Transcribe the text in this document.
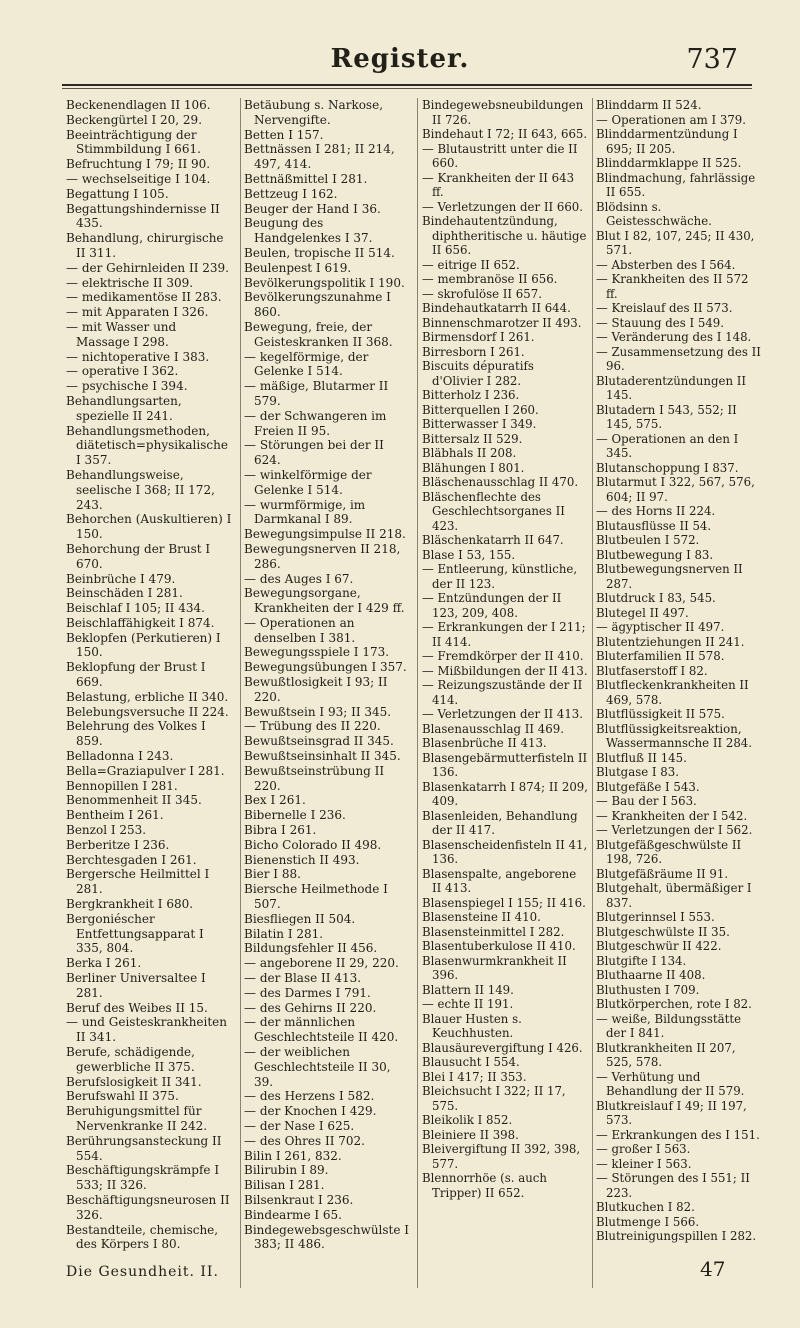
Register.	737
Beckenendlagen II 106.
Beckengürtel I 20, 29.
Beeinträchtigung der Stimmbildung I 661.
Befruchtung I 79; II 90.
— wechselseitige I 104.
Begattung I 105.
Begattungshindernisse II 435.
Behandlung, chirurgische II 311.
— der Gehirnleiden II 239.
— elektrische II 309.
— medikamentöse II 283.
— mit Apparaten I 326.
— mit Wasser und Massage I 298.
— nichtoperative I 383.
— operative I 362.
— psychische I 394.
Behandlungsarten, spezielle II 241.
Behandlungsmethoden, diätetisch=physikalische I 357.
Behandlungsweise, seelische I 368; II 172, 243.
Behorchen (Auskultieren) I 150.
Behorchung der Brust I 670.
Beinbrüche I 479.
Beinschäden I 281.
Beischlaf I 105; II 434.
Beischlaffähigkeit I 874.
Beklopfen (Perkutieren) I 150.
Beklopfung der Brust I 669.
Belastung, erbliche II 340.
Belebungsversuche II 224.
Belehrung des Volkes I 859.
Belladonna I 243.
Bella=Graziapulver I 281.
Bennopillen I 281.
Benommenheit II 345.
Bentheim I 261.
Benzol I 253.
Berberitze I 236.
Berchtesgaden I 261.
Bergersche Heilmittel I 281.
Bergkrankheit I 680.
Bergoniéscher Entfettungsapparat I 335, 804.
Berka I 261.
Berliner Universaltee I 281.
Beruf des Weibes II 15.
— und Geisteskrankheiten II 341.
Berufe, schädigende, gewerbliche II 375.
Berufslosigkeit II 341.
Berufswahl II 375.
Beruhigungsmittel für Nervenkranke II 242.
Berührungsansteckung II 554.
Beschäftigungskrämpfe I 533; II 326.
Beschäftigungsneurosen II 326.
Bestandteile, chemische, des Körpers I 80.
Betäubung s. Narkose, Nervengifte.
Betten I 157.
Bettnässen I 281; II 214, 497, 414.
Bettnäßmittel I 281.
Bettzeug I 162.
Beuger der Hand I 36.
Beugung des Handgelenkes I 37.
Beulen, tropische II 514.
Beulenpest I 619.
Bevölkerungspolitik I 190.
Bevölkerungszunahme I 860.
Bewegung, freie, der Geisteskranken II 368.
— kegelförmige, der Gelenke I 514.
— mäßige, Blutarmer II 579.
— der Schwangeren im Freien II 95.
— Störungen bei der II 624.
— winkelförmige der Gelenke I 514.
— wurmförmige, im Darmkanal I 89.
Bewegungsimpulse II 218.
Bewegungsnerven II 218, 286.
— des Auges I 67.
Bewegungsorgane, Krankheiten der I 429 ff.
— Operationen an denselben I 381.
Bewegungsspiele I 173.
Bewegungsübungen I 357.
Bewußtlosigkeit I 93; II 220.
Bewußtsein I 93; II 345.
— Trübung des II 220.
Bewußtseinsgrad II 345.
Bewußtseinsinhalt II 345.
Bewußtseinstrübung II 220.
Bex I 261.
Bibernelle I 236.
Bibra I 261.
Bicho Colorado II 498.
Bienenstich II 493.
Bier I 88.
Biersche Heilmethode I 507.
Biesfliegen II 504.
Bilatin I 281.
Bildungsfehler II 456.
— angeborene II 29, 220.
— der Blase II 413.
— des Darmes I 791.
— des Gehirns II 220.
— der männlichen Geschlechtsteile II 420.
— der weiblichen Geschlechtsteile II 30, 39.
— des Herzens I 582.
— der Knochen I 429.
— der Nase I 625.
— des Ohres II 702.
Bilin I 261, 832.
Bilirubin I 89.
Bilisan I 281.
Bilsenkraut I 236.
Bindearme I 65.
Bindegewebsgeschwülste I 383; II 486.
Bindegewebsneubildungen II 726.
Bindehaut I 72; II 643, 665.
— Blutaustritt unter die II 660.
— Krankheiten der II 643 ff.
— Verletzungen der II 660.
Bindehautentzündung, diphtheritische u. häutige II 656.
— eitrige II 652.
— membranöse II 656.
— skrofulöse II 657.
Bindehautkatarrh II 644.
Binnenschmarotzer II 493.
Birmensdorf I 261.
Birresborn I 261.
Biscuits dépuratifs d'Olivier I 282.
Bitterholz I 236.
Bitterquellen I 260.
Bitterwasser I 349.
Bittersalz II 529.
Bläbhals II 208.
Blähungen I 801.
Bläschenausschlag II 470.
Bläschenflechte des Geschlechtsorganes II 423.
Bläschenkatarrh II 647.
Blase I 53, 155.
— Entleerung, künstliche, der II 123.
— Entzündungen der II 123, 209, 408.
— Erkrankungen der I 211; II 414.
— Fremdkörper der II 410.
— Mißbildungen der II 413.
— Reizungszustände der II 414.
— Verletzungen der II 413.
Blasenausschlag II 469.
Blasenbrüche II 413.
Blasengebärmutterfisteln II 136.
Blasenkatarrh I 874; II 209, 409.
Blasenleiden, Behandlung der II 417.
Blasenscheidenfisteln II 41, 136.
Blasenspalte, angeborene II 413.
Blasenspiegel I 155; II 416.
Blasensteine II 410.
Blasensteinmittel I 282.
Blasentuberkulose II 410.
Blasenwurmkrankheit II 396.
Blattern II 149.
— echte II 191.
Blauer Husten s. Keuchhusten.
Blausäurevergiftung I 426.
Blausucht I 554.
Blei I 417; II 353.
Bleichsucht I 322; II 17, 575.
Bleikolik I 852.
Bleiniere II 398.
Bleivergiftung II 392, 398, 577.
Blennorrhöe (s. auch Tripper) II 652.
Blinddarm II 524.
— Operationen am I 379.
Blinddarmentzündung I 695; II 205.
Blinddarmklappe II 525.
Blindmachung, fahrlässige II 655.
Blödsinn s. Geistesschwäche.
Blut I 82, 107, 245; II 430, 571.
— Absterben des I 564.
— Krankheiten des II 572 ff.
— Kreislauf des II 573.
— Stauung des I 549.
— Veränderung des I 148.
— Zusammensetzung des II 96.
Blutaderentzündungen II 145.
Blutadern I 543, 552; II 145, 575.
— Operationen an den I 345.
Blutanschoppung I 837.
Blutarmut I 322, 567, 576, 604; II 97.
— des Horns II 224.
Blutausflüsse II 54.
Blutbeulen I 572.
Blutbewegung I 83.
Blutbewegungsnerven II 287.
Blutdruck I 83, 545.
Blutegel II 497.
— ägyptischer II 497.
Blutentziehungen II 241.
Bluterfamilien II 578.
Blutfaserstoff I 82.
Blutfleckenkrankheiten II 469, 578.
Blutflüssigkeit II 575.
Blutflüssigkeitsreaktion, Wassermannsche II 284.
Blutfluß II 145.
Blutgase I 83.
Blutgefäße I 543.
— Bau der I 563.
— Krankheiten der I 542.
— Verletzungen der I 562.
Blutgefäßgeschwülste II 198, 726.
Blutgefäßräume II 91.
Blutgehalt, übermäßiger I 837.
Blutgerinnsel I 553.
Blutgeschwülste II 35.
Blutgeschwür II 422.
Blutgifte I 134.
Bluthaarne II 408.
Bluthusten I 709.
Blutkörperchen, rote I 82.
— weiße, Bildungsstätte der I 841.
Blutkrankheiten II 207, 525, 578.
— Verhütung und Behandlung der II 579.
Blutkreislauf I 49; II 197, 573.
— Erkrankungen des I 151.
— großer I 563.
— kleiner I 563.
— Störungen des I 551; II 223.
Blutkuchen I 82.
Blutmenge I 566.
Blutreinigungspillen I 282.
Die Gesundheit. II.	47
